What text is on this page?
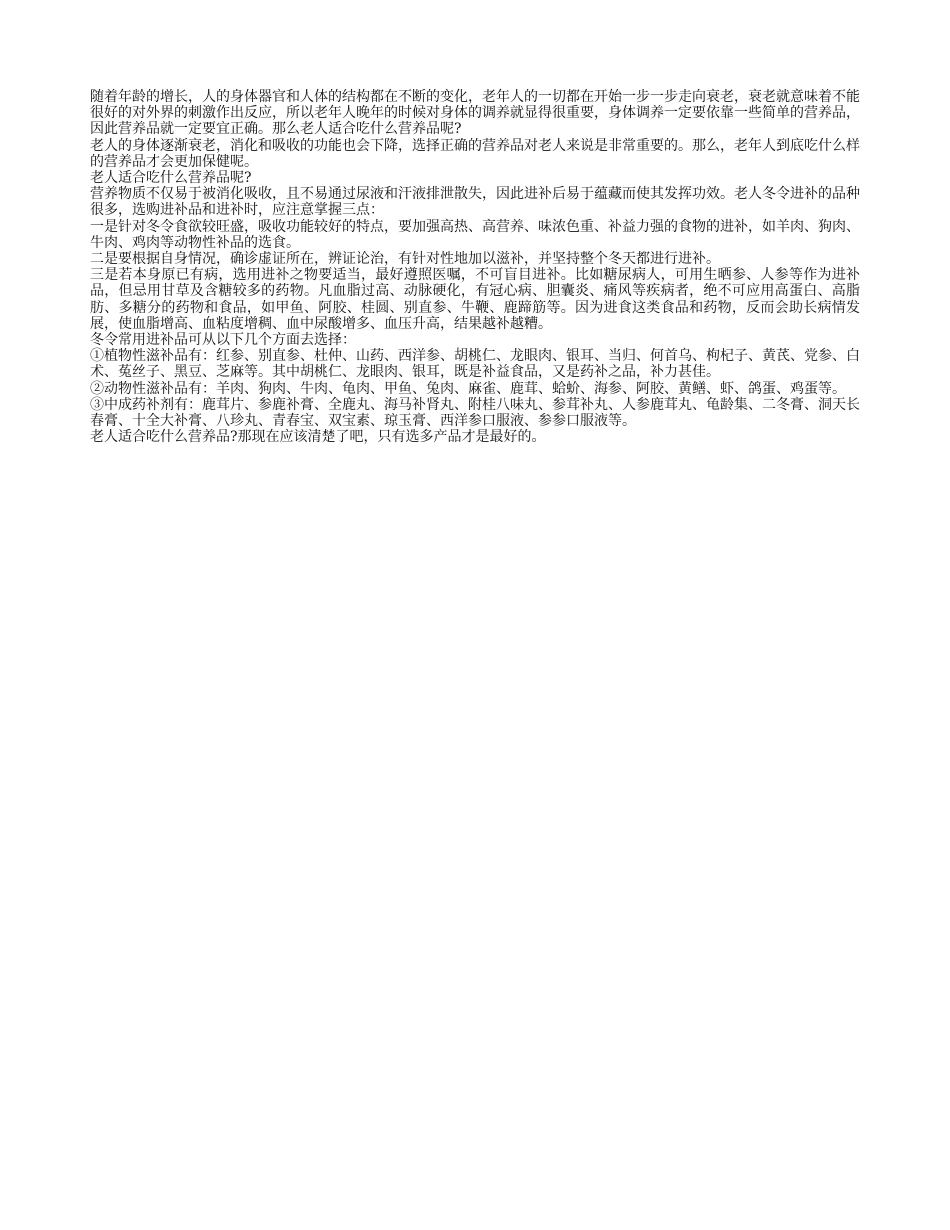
随着年龄的增长，人的身体器官和人体的结构都在不断的变化，老年人的一切都在开始一步一步走向衰老，衰老就意味着不能很好的对外界的刺激作出反应，所以老年人晚年的时候对身体的调养就显得很重要，身体调养一定要依靠一些简单的营养品，因此营养品就一定要宜正确。那么老人适合吃什么营养品呢?

老人的身体逐渐衰老，消化和吸收的功能也会下降，选择正确的营养品对老人来说是非常重要的。那么，老年人到底吃什么样的营养品才会更加保健呢。

老人适合吃什么营养品呢?

营养物质不仅易于被消化吸收，且不易通过尿液和汗液排泄散失，因此进补后易于蕴藏而使其发挥功效。老人冬令进补的品种很多，选购进补品和进补时，应注意掌握三点：

一是针对冬令食欲较旺盛，吸收功能较好的特点，要加强高热、高营养、味浓色重、补益力强的食物的进补，如羊肉、狗肉、牛肉、鸡肉等动物性补品的选食。

二是要根据自身情况，确诊虚证所在，辨证论治，有针对性地加以滋补，并坚持整个冬天都进行进补。

三是若本身原已有病，选用进补之物要适当，最好遵照医嘱，不可盲目进补。比如糖尿病人，可用生晒参、人参等作为进补品，但忌用甘草及含糖较多的药物。凡血脂过高、动脉硬化，有冠心病、胆囊炎、痛风等疾病者，绝不可应用高蛋白、高脂肪、多糖分的药物和食品，如甲鱼、阿胶、桂圆、别直参、牛鞭、鹿蹄筋等。因为进食这类食品和药物，反而会助长病情发展，使血脂增高、血粘度增稠、血中尿酸增多、血压升高，结果越补越糟。

冬令常用进补品可从以下几个方面去选择：

①植物性滋补品有：红参、别直参、杜仲、山药、西洋参、胡桃仁、龙眼肉、银耳、当归、何首乌、枸杞子、黄芪、党参、白术、菟丝子、黑豆、芝麻等。其中胡桃仁、龙眼肉、银耳，既是补益食品，又是药补之品，补力甚佳。

②动物性滋补品有：羊肉、狗肉、牛肉、龟肉、甲鱼、兔肉、麻雀、鹿茸、蛤蚧、海参、阿胶、黄鳝、虾、鸽蛋、鸡蛋等。

③中成药补剂有：鹿茸片、参鹿补膏、全鹿丸、海马补肾丸、附桂八味丸、参茸补丸、人参鹿茸丸、龟龄集、二冬膏、洞天长春膏、十全大补膏、八珍丸、青春宝、双宝素、琼玉膏、西洋参口服液、参参口服液等。

老人适合吃什么营养品?那现在应该清楚了吧，只有选多产品才是最好的。
